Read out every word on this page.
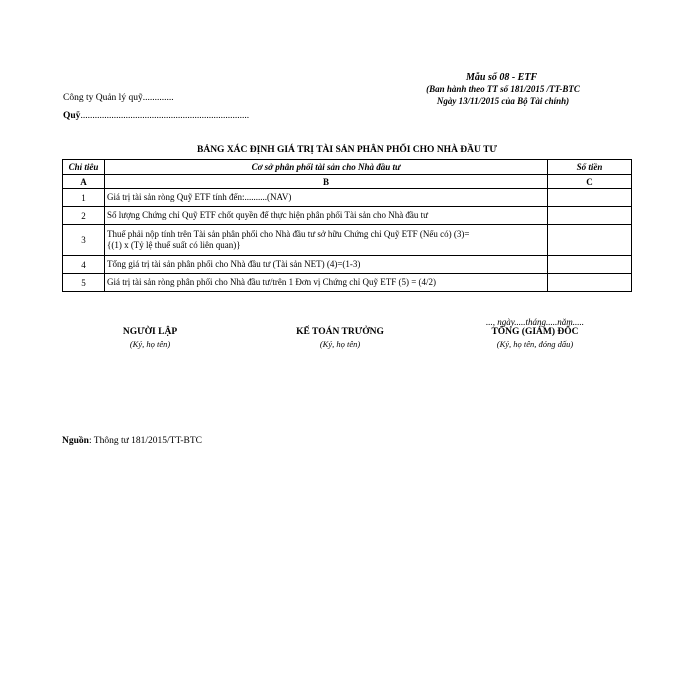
Mẫu số 08 - ETF
(Ban hành theo TT số 181/2015 /TT-BTC
Ngày 13/11/2015 của Bộ Tài chính)
Công ty Quản lý quỹ.............
Quỹ.......................................................................
BẢNG XÁC ĐỊNH GIÁ TRỊ TÀI SẢN PHÂN PHỐI CHO NHÀ ĐẦU TƯ
Chỉ tiêu	Cơ sở phân phối tài sản cho Nhà đầu tư	Số tiền
A	B	C
1	Giá trị tài sản ròng Quỹ ETF tính đến:..........(NAV)	
2	Số lượng Chứng chỉ Quỹ ETF chốt quyền để thực hiện phân phối Tài sản cho Nhà đầu tư	
3	Thuế phải nộp tính trên Tài sản phân phối cho Nhà đầu tư sở hữu Chứng chỉ Quỹ ETF (Nếu có) (3)=
{(1) x (Tỷ lệ thuế suất có liên quan)}	

4	Tổng giá trị tài sản phân phối cho Nhà đầu tư (Tài sản NET) (4)=(1-3)	
5	Giá trị tài sản ròng phân phối cho Nhà đầu tư/trên 1 Đơn vị Chứng chỉ Quỹ ETF (5) = (4/2)	
..., ngày.....tháng.....năm.....
NGƯỜI LẬP
(Ký, họ tên)
KẾ TOÁN TRƯỞNG
(Ký, họ tên)
TỔNG (GIÁM) ĐỐC
(Ký, họ tên, đóng dấu)
Nguồn: Thông tư 181/2015/TT-BTC
